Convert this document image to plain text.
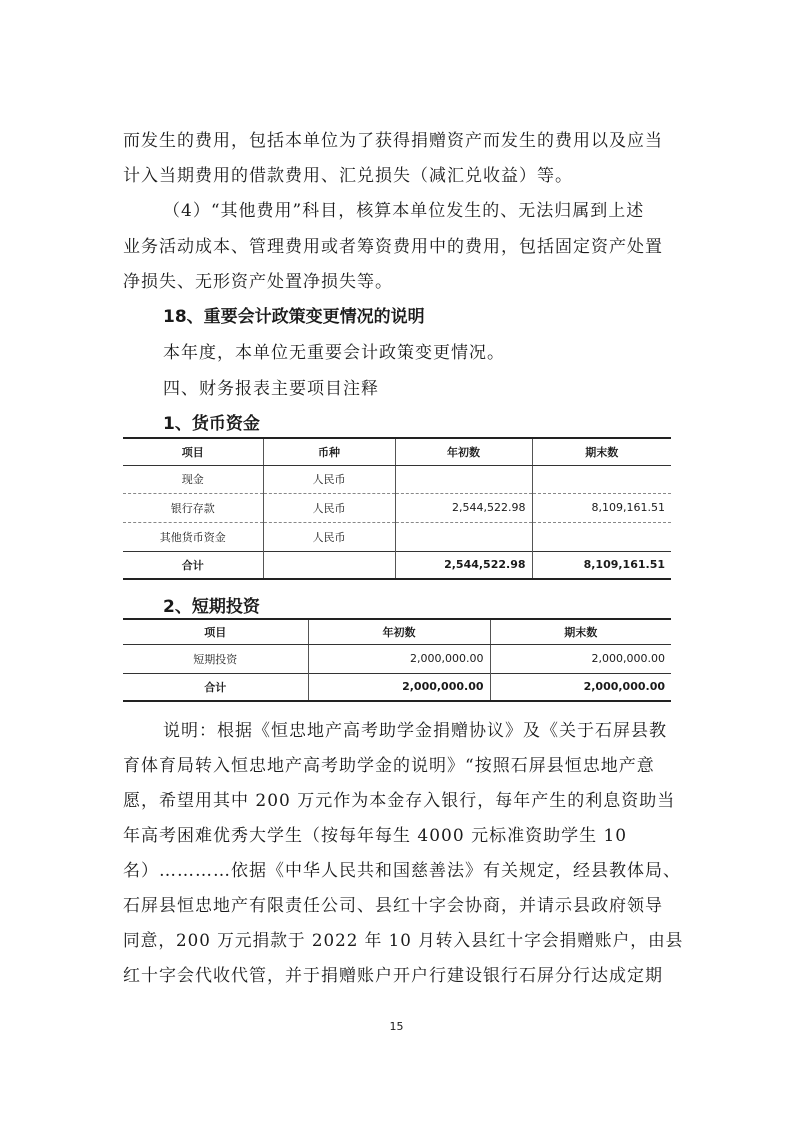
而发生的费用，包括本单位为了获得捐赠资产而发生的费用以及应当
计入当期费用的借款费用、汇兑损失（减汇兑收益）等。
（4）“其他费用”科目，核算本单位发生的、无法归属到上述
业务活动成本、管理费用或者筹资费用中的费用，包括固定资产处置
净损失、无形资产处置净损失等。
18、重要会计政策变更情况的说明
本年度，本单位无重要会计政策变更情况。
四、财务报表主要项目注释
1、货币资金
项目	币种	年初数	期末数
现金	人民币		
银行存款	人民币	2,544,522.98	8,109,161.51
其他货币资金	人民币		
合计		2,544,522.98	8,109,161.51
2、短期投资
项目	年初数	期末数
短期投资	2,000,000.00	2,000,000.00
合计	2,000,000.00	2,000,000.00
说明：根据《恒忠地产高考助学金捐赠协议》及《关于石屏县教
育体育局转入恒忠地产高考助学金的说明》“按照石屏县恒忠地产意
愿，希望用其中 200 万元作为本金存入银行，每年产生的利息资助当
年高考困难优秀大学生（按每年每生 4000 元标准资助学生 10
名）…………依据《中华人民共和国慈善法》有关规定，经县教体局、
石屏县恒忠地产有限责任公司、县红十字会协商，并请示县政府领导
同意，200 万元捐款于 2022 年 10 月转入县红十字会捐赠账户，由县
红十字会代收代管，并于捐赠账户开户行建设银行石屏分行达成定期
15
